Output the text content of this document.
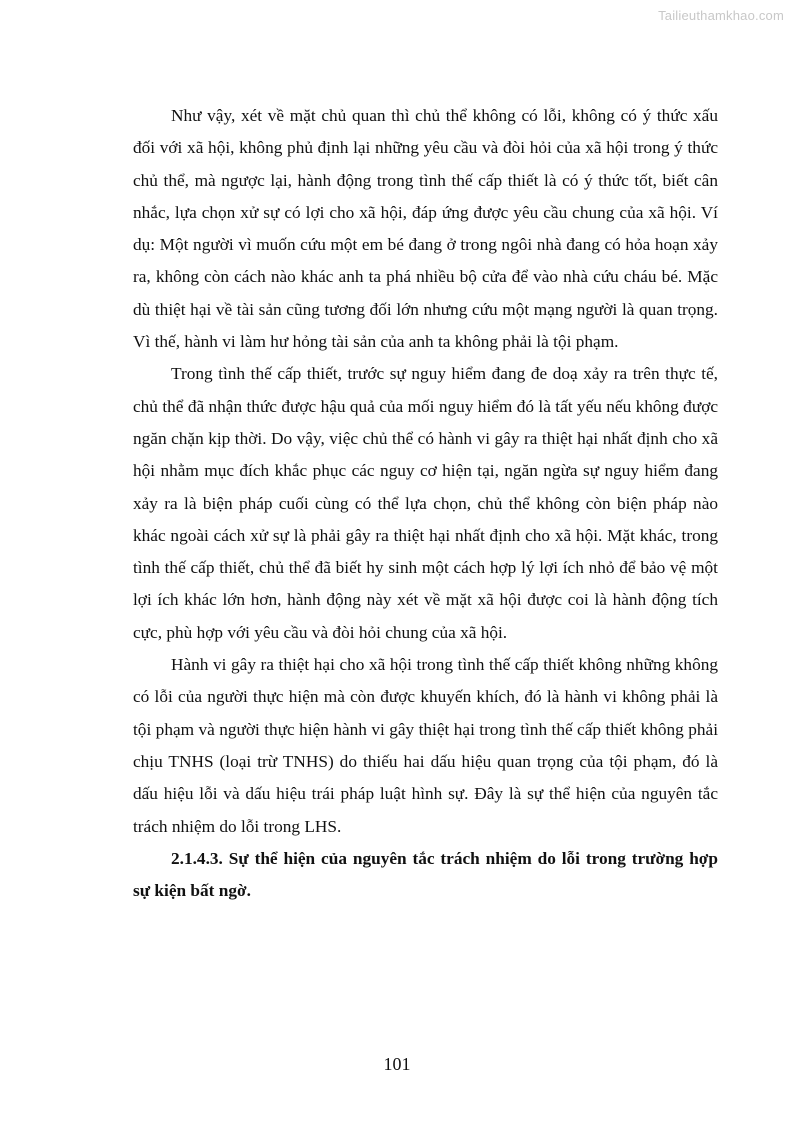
Tailieuthamkhao.com

Như vậy, xét về mặt chủ quan thì chủ thể không có lỗi, không có ý thức xấu đối với xã hội, không phủ định lại những yêu cầu và đòi hỏi của xã hội trong ý thức chủ thể, mà ngược lại, hành động trong tình thế cấp thiết là có ý thức tốt, biết cân nhắc, lựa chọn xử sự có lợi cho xã hội, đáp ứng được yêu cầu chung của xã hội. Ví dụ: Một người vì muốn cứu một em bé đang ở trong ngôi nhà đang có hỏa hoạn xảy ra, không còn cách nào khác anh ta phá nhiều bộ cửa để vào nhà cứu cháu bé. Mặc dù thiệt hại về tài sản cũng tương đối lớn nhưng cứu một mạng người là quan trọng. Vì thế, hành vi làm hư hỏng tài sản của anh ta không phải là tội phạm.

Trong tình thế cấp thiết, trước sự nguy hiểm đang đe doạ xảy ra trên thực tế, chủ thể đã nhận thức được hậu quả của mối nguy hiểm đó là tất yếu nếu không được ngăn chặn kịp thời. Do vậy, việc chủ thể có hành vi gây ra thiệt hại nhất định cho xã hội nhằm mục đích khắc phục các nguy cơ hiện tại, ngăn ngừa sự nguy hiểm đang xảy ra là biện pháp cuối cùng có thể lựa chọn, chủ thể không còn biện pháp nào khác ngoài cách xử sự là phải gây ra thiệt hại nhất định cho xã hội. Mặt khác, trong tình thế cấp thiết, chủ thể đã biết hy sinh một cách hợp lý lợi ích nhỏ để bảo vệ một lợi ích khác lớn hơn, hành động này xét về mặt xã hội được coi là hành động tích cực, phù hợp với yêu cầu và đòi hỏi chung của xã hội.

Hành vi gây ra thiệt hại cho xã hội trong tình thế cấp thiết không những không có lỗi của người thực hiện mà còn được khuyến khích, đó là hành vi không phải là tội phạm và người thực hiện hành vi gây thiệt hại trong tình thế cấp thiết không phải chịu TNHS (loại trừ TNHS) do thiếu hai dấu hiệu quan trọng của tội phạm, đó là dấu hiệu lỗi và dấu hiệu trái pháp luật hình sự. Đây là sự thể hiện của nguyên tắc trách nhiệm do lỗi trong LHS.

2.1.4.3. Sự thể hiện của nguyên tắc trách nhiệm do lỗi trong trường hợp sự kiện bất ngờ.

101
